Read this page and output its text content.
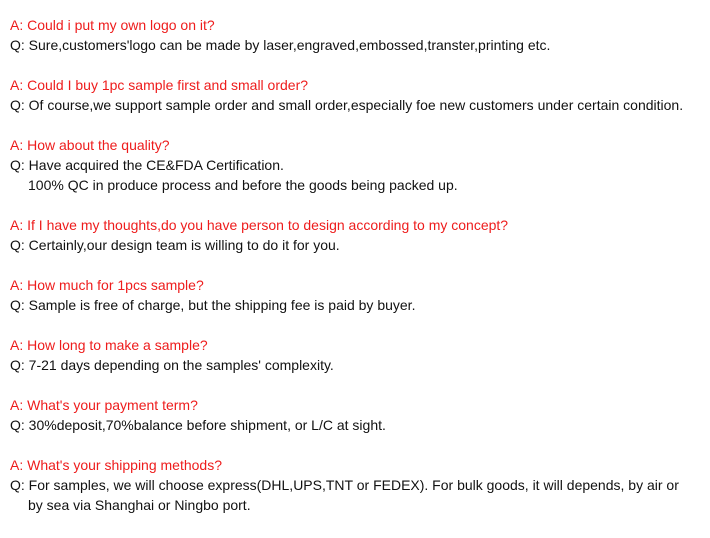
A: Could i put my own logo on it?
Q: Sure,customers'logo can be made by laser,engraved,embossed,transter,printing etc.
A: Could I buy 1pc sample first and small order?
Q: Of course,we support sample order and small order,especially foe new customers under certain condition.
A: How about the quality?
Q: Have acquired the CE&FDA Certification.
100% QC in produce process and before the goods being packed up.
A: If I have my thoughts,do you have person to design according to my concept?
Q: Certainly,our design team is willing to do it for you.
A: How much for 1pcs sample?
Q: Sample is free of charge, but the shipping fee is paid by buyer.
A: How long to make a sample?
Q: 7-21 days depending on the samples' complexity.
A: What's your payment term?
Q: 30%deposit,70%balance before shipment, or L/C at sight.
A: What's your shipping methods?
Q: For samples, we will choose express(DHL,UPS,TNT or FEDEX). For bulk goods, it will depends, by air or
by sea via Shanghai or Ningbo port.
